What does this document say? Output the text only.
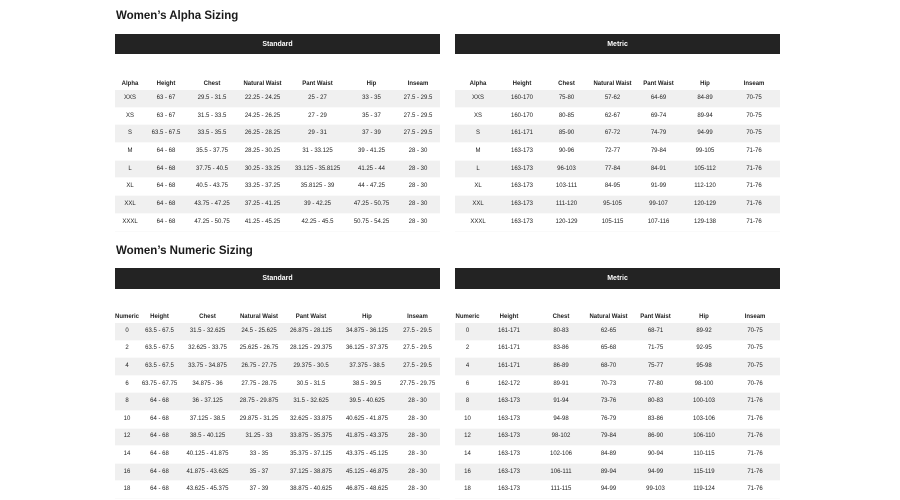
Women’s Alpha Sizing
Standard						
Alpha	Height	Chest	Natural Waist	Pant Waist	Hip	Inseam
XXS	63 - 67	29.5 - 31.5	22.25 - 24.25	25 - 27	33 - 35	27.5 - 29.5
XS	63 - 67	31.5 - 33.5	24.25 - 26.25	27 - 29	35 - 37	27.5 - 29.5
S	63.5 - 67.5	33.5 - 35.5	26.25 - 28.25	29 - 31	37 - 39	27.5 - 29.5
M	64 - 68	35.5 - 37.75	28.25 - 30.25	31 - 33.125	39 - 41.25	28 - 30
L	64 - 68	37.75 - 40.5	30.25 - 33.25	33.125 - 35.8125	41.25 - 44	28 - 30
XL	64 - 68	40.5 - 43.75	33.25 - 37.25	35.8125 - 39	44 - 47.25	28 - 30
XXL	64 - 68	43.75 - 47.25	37.25 - 41.25	39 - 42.25	47.25 - 50.75	28 - 30
XXXL	64 - 68	47.25 - 50.75	41.25 - 45.25	42.25 - 45.5	50.75 - 54.25	28 - 30
Metric						
Alpha	Height	Chest	Natural Waist	Pant Waist	Hip	Inseam
XXS	160-170	75-80	57-62	64-69	84-89	70-75
XS	160-170	80-85	62-67	69-74	89-94	70-75
S	161-171	85-90	67-72	74-79	94-99	70-75
M	163-173	90-96	72-77	79-84	99-105	71-76
L	163-173	96-103	77-84	84-91	105-112	71-76
XL	163-173	103-111	84-95	91-99	112-120	71-76
XXL	163-173	111-120	95-105	99-107	120-129	71-76
XXXL	163-173	120-129	105-115	107-116	129-138	71-76
Women’s Numeric Sizing
Standard						
Numeric	Height	Chest	Natural Waist	Pant Waist	Hip	Inseam
0	63.5 - 67.5	31.5 - 32.625	24.5 - 25.625	26.875 - 28.125	34.875 - 36.125	27.5 - 29.5
2	63.5 - 67.5	32.625 - 33.75	25.625 - 26.75	28.125 - 29.375	36.125 - 37.375	27.5 - 29.5
4	63.5 - 67.5	33.75 - 34.875	26.75 - 27.75	29.375 - 30.5	37.375 - 38.5	27.5 - 29.5
6	63.75 - 67.75	34.875 - 36	27.75 - 28.75	30.5 - 31.5	38.5 - 39.5	27.75 - 29.75
8	64 - 68	36 - 37.125	28.75 - 29.875	31.5 - 32.625	39.5 - 40.625	28 - 30
10	64 - 68	37.125 - 38.5	29.875 - 31.25	32.625 - 33.875	40.625 - 41.875	28 - 30
12	64 - 68	38.5 - 40.125	31.25 - 33	33.875 - 35.375	41.875 - 43.375	28 - 30
14	64 - 68	40.125 - 41.875	33 - 35	35.375 - 37.125	43.375 - 45.125	28 - 30
16	64 - 68	41.875 - 43.625	35 - 37	37.125 - 38.875	45.125 - 46.875	28 - 30
18	64 - 68	43.625 - 45.375	37 - 39	38.875 - 40.625	46.875 - 48.625	28 - 30
Metric						
Numeric	Height	Chest	Natural Waist	Pant Waist	Hip	Inseam
0	161-171	80-83	62-65	68-71	89-92	70-75
2	161-171	83-86	65-68	71-75	92-95	70-75
4	161-171	86-89	68-70	75-77	95-98	70-75
6	162-172	89-91	70-73	77-80	98-100	70-76
8	163-173	91-94	73-76	80-83	100-103	71-76
10	163-173	94-98	76-79	83-86	103-106	71-76
12	163-173	98-102	79-84	86-90	106-110	71-76
14	163-173	102-106	84-89	90-94	110-115	71-76
16	163-173	106-111	89-94	94-99	115-119	71-76
18	163-173	111-115	94-99	99-103	119-124	71-76
